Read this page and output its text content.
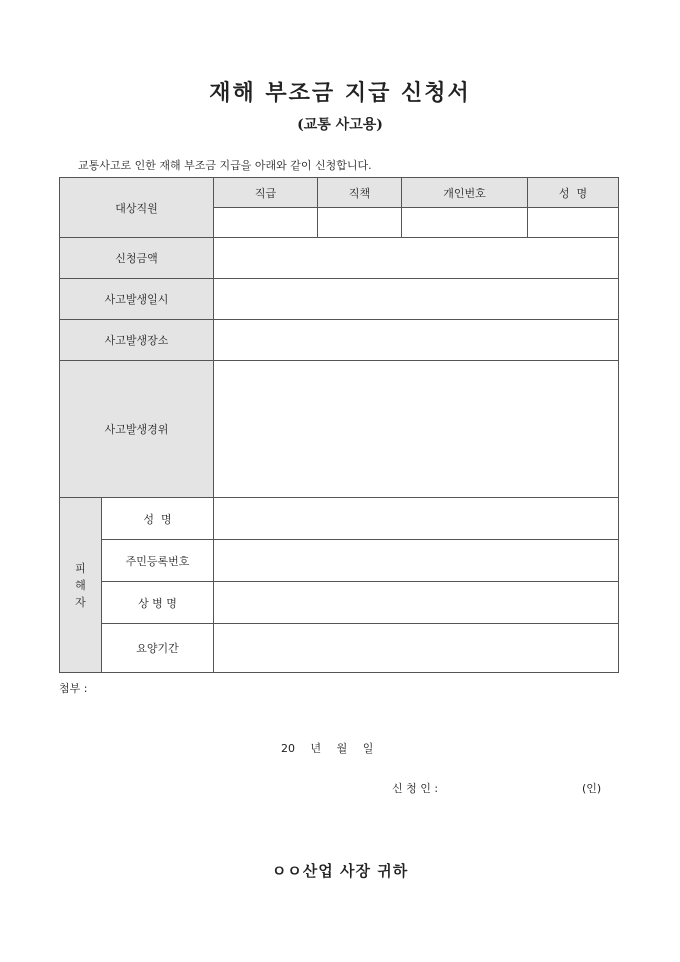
재해 부조금 지급 신청서
(교통 사고용)
교통사고로 인한 재해 부조금 지급을 아래와 같이 신청합니다.
대상직원		직급	직책	개인번호	성  명

신청금액					
사고발생일시					
사고발생장소					
사고발생경위					
피
해
자	성  명				
	주민등록번호				
	상 병 명				
	요양기간				
첨부 :
20 년 월 일
신 청 인 :	(인)
ㅇㅇ산업 사장 귀하
